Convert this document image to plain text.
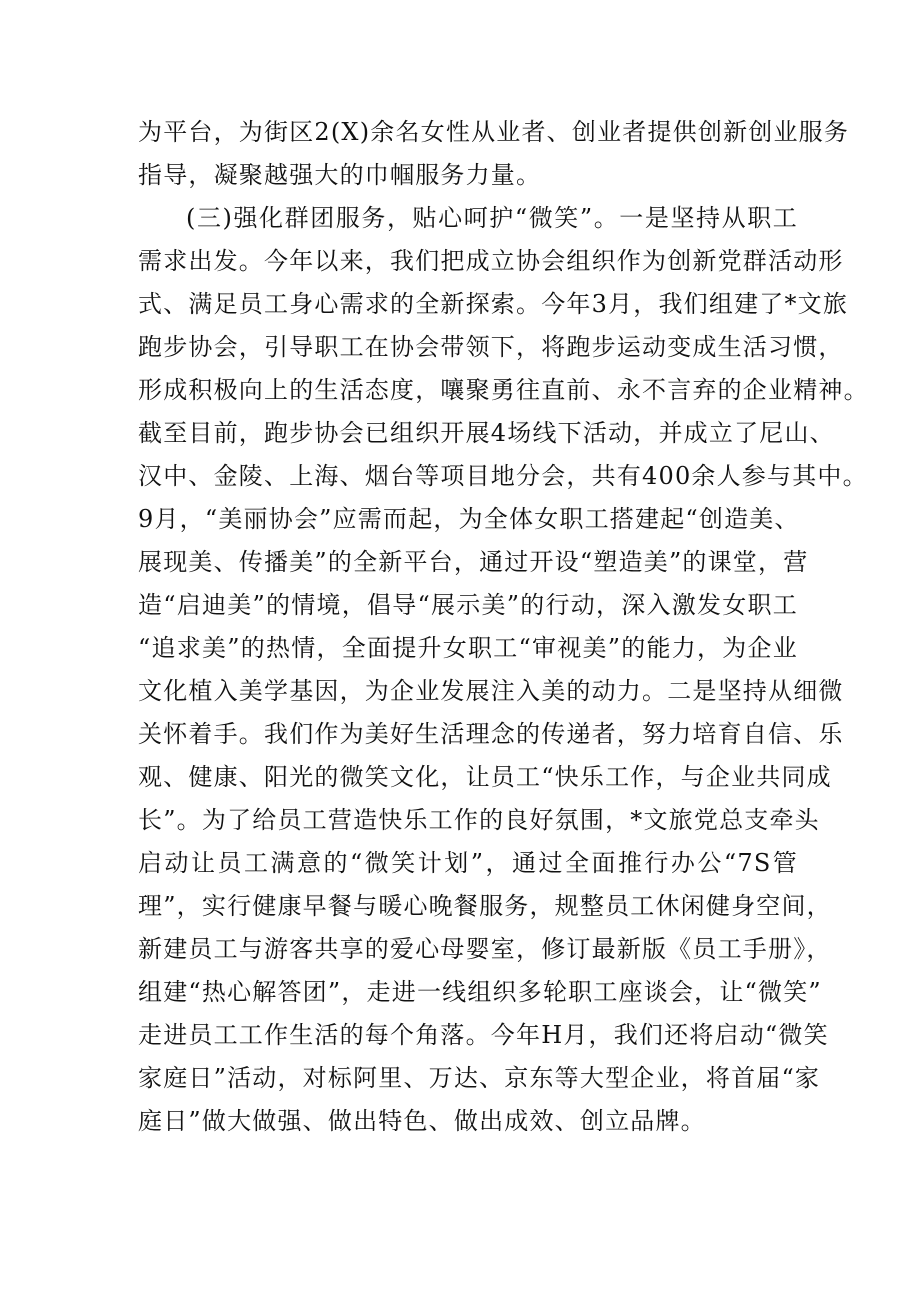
为平台，为街区2(X)余名女性从业者、创业者提供创新创业服务
指导，凝聚越强大的巾帼服务力量。
(三)强化群团服务，贴心呵护“微笑”。一是坚持从职工
需求出发。今年以来，我们把成立协会组织作为创新党群活动形
式、满足员工身心需求的全新探索。今年3月，我们组建了*文旅
跑步协会，引导职工在协会带领下，将跑步运动变成生活习惯，
形成积极向上的生活态度，嚷聚勇往直前、永不言弃的企业精神。
截至目前，跑步协会已组织开展4场线下活动，并成立了尼山、
汉中、金陵、上海、烟台等项目地分会，共有400余人参与其中。
9月，“美丽协会”应需而起，为全体女职工搭建起“创造美、
展现美、传播美”的全新平台，通过开设“塑造美”的课堂，营
造“启迪美”的情境，倡导“展示美”的行动，深入激发女职工
“追求美”的热情，全面提升女职工“审视美”的能力，为企业
文化植入美学基因，为企业发展注入美的动力。二是坚持从细微
关怀着手。我们作为美好生活理念的传递者，努力培育自信、乐
观、健康、阳光的微笑文化，让员工“快乐工作，与企业共同成
长”。为了给员工营造快乐工作的良好氛围，*文旅党总支牵头
启动让员工满意的“微笑计划”，通过全面推行办公“7S管
理”，实行健康早餐与暖心晚餐服务，规整员工休闲健身空间，
新建员工与游客共享的爱心母婴室，修订最新版《员工手册》，
组建“热心解答团”，走进一线组织多轮职工座谈会，让“微笑”
走进员工工作生活的每个角落。今年H月，我们还将启动“微笑
家庭日”活动，对标阿里、万达、京东等大型企业，将首届“家
庭日”做大做强、做出特色、做出成效、创立品牌。
